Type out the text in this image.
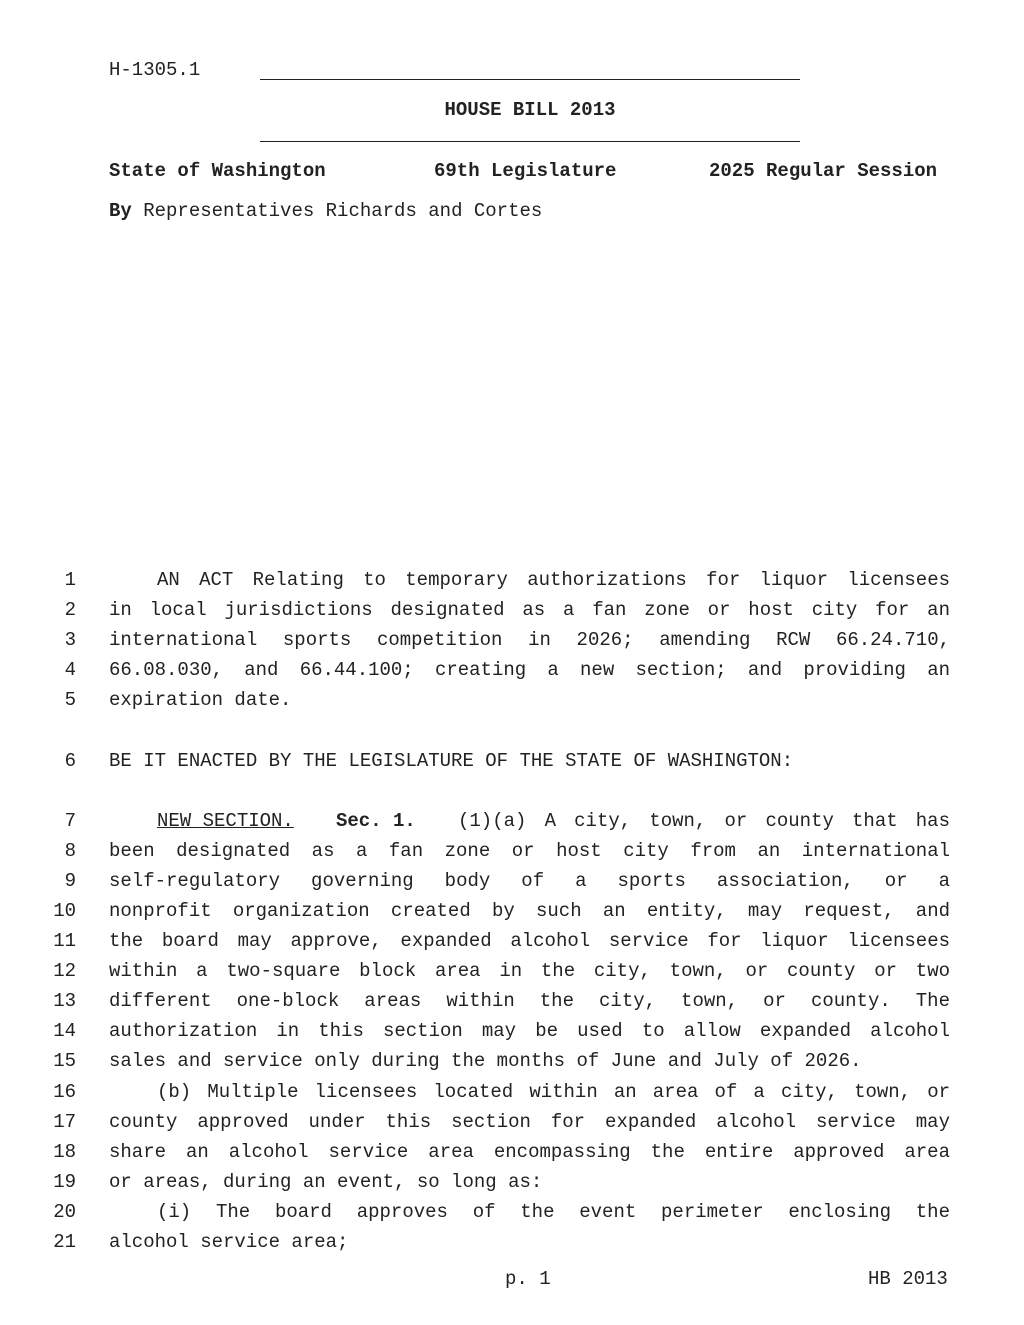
H-1305.1
HOUSE BILL 2013
State of Washington	69th Legislature	2025 Regular Session
By Representatives Richards and Cortes
1
2
3
4
5
6
7
8
9
10
11
12
13
14
15
16
17
18
19
20
21
AN ACT Relating to temporary authorizations for liquor licensees
in local jurisdictions designated as a fan zone or host city for an
international sports competition in 2026; amending RCW 66.24.710,
66.08.030, and 66.44.100; creating a new section; and providing an
expiration date.
BE IT ENACTED BY THE LEGISLATURE OF THE STATE OF WASHINGTON:
NEW SECTION. Sec. 1. (1)(a) A city, town, or county that has
been designated as a fan zone or host city from an international
self-regulatory governing body of a sports association, or a
nonprofit organization created by such an entity, may request, and
the board may approve, expanded alcohol service for liquor licensees
within a two-square block area in the city, town, or county or two
different one-block areas within the city, town, or county. The
authorization in this section may be used to allow expanded alcohol
sales and service only during the months of June and July of 2026.
(b) Multiple licensees located within an area of a city, town, or
county approved under this section for expanded alcohol service may
share an alcohol service area encompassing the entire approved area
or areas, during an event, so long as:
(i) The board approves of the event perimeter enclosing the
alcohol service area;
p. 1	HB 2013
